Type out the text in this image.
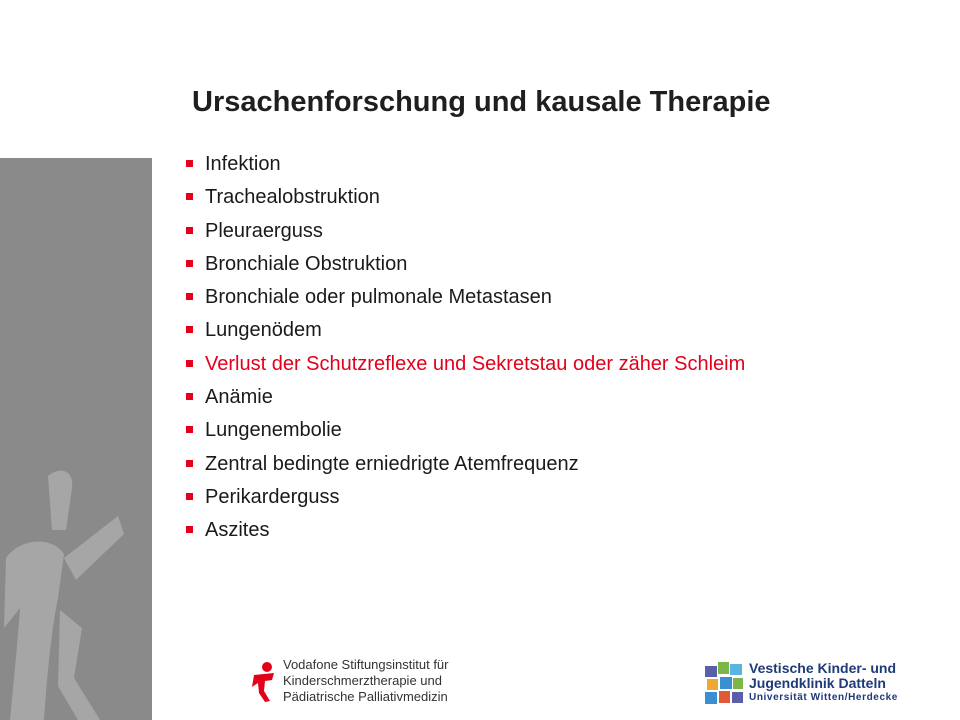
Ursachenforschung und kausale Therapie
Infektion
Trachealobstruktion
Pleuraerguss
Bronchiale Obstruktion
Bronchiale oder pulmonale Metastasen
Lungenödem
Verlust der Schutzreflexe und Sekretstau oder zäher Schleim
Anämie
Lungenembolie
Zentral bedingte erniedrigte Atemfrequenz
Perikarderguss
Aszites
Vodafone Stiftungsinstitut für
Kinderschmerztherapie und
Pädiatrische Palliativmedizin
Vestische Kinder- und
Jugendklinik Datteln
Universität Witten/Herdecke
